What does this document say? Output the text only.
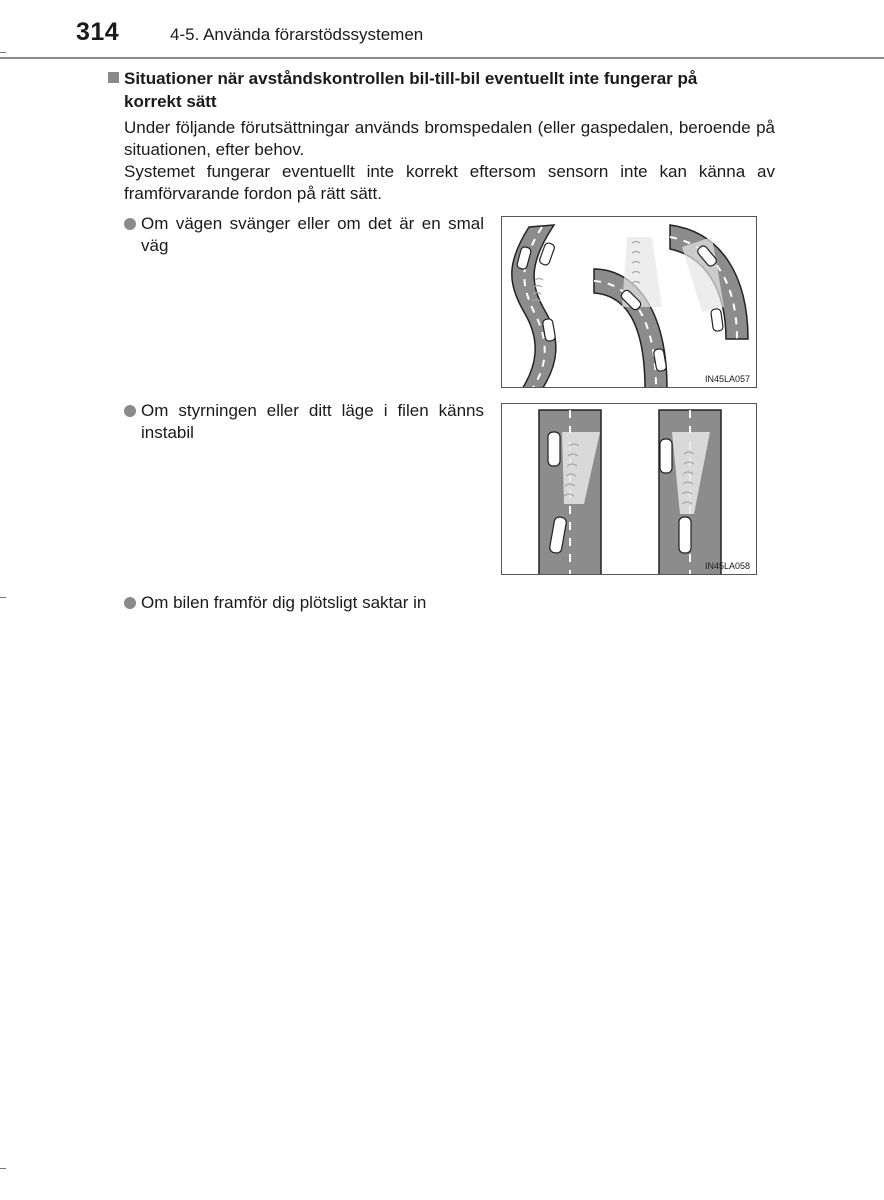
314	4-5. Använda förarstödssystemen
Situationer när avståndskontrollen bil-till-bil eventuellt inte fungerar på
korrekt sätt
Under följande förutsättningar används bromspedalen (eller gaspedalen, beroende på situationen, efter behov.
Systemet fungerar eventuellt inte korrekt eftersom sensorn inte kan känna av framförvarande fordon på rätt sätt.
Om vägen svänger eller om det är en smal väg
IN45LA057
Om styrningen eller ditt läge i filen känns instabil
IN45LA058
Om bilen framför dig plötsligt saktar in
